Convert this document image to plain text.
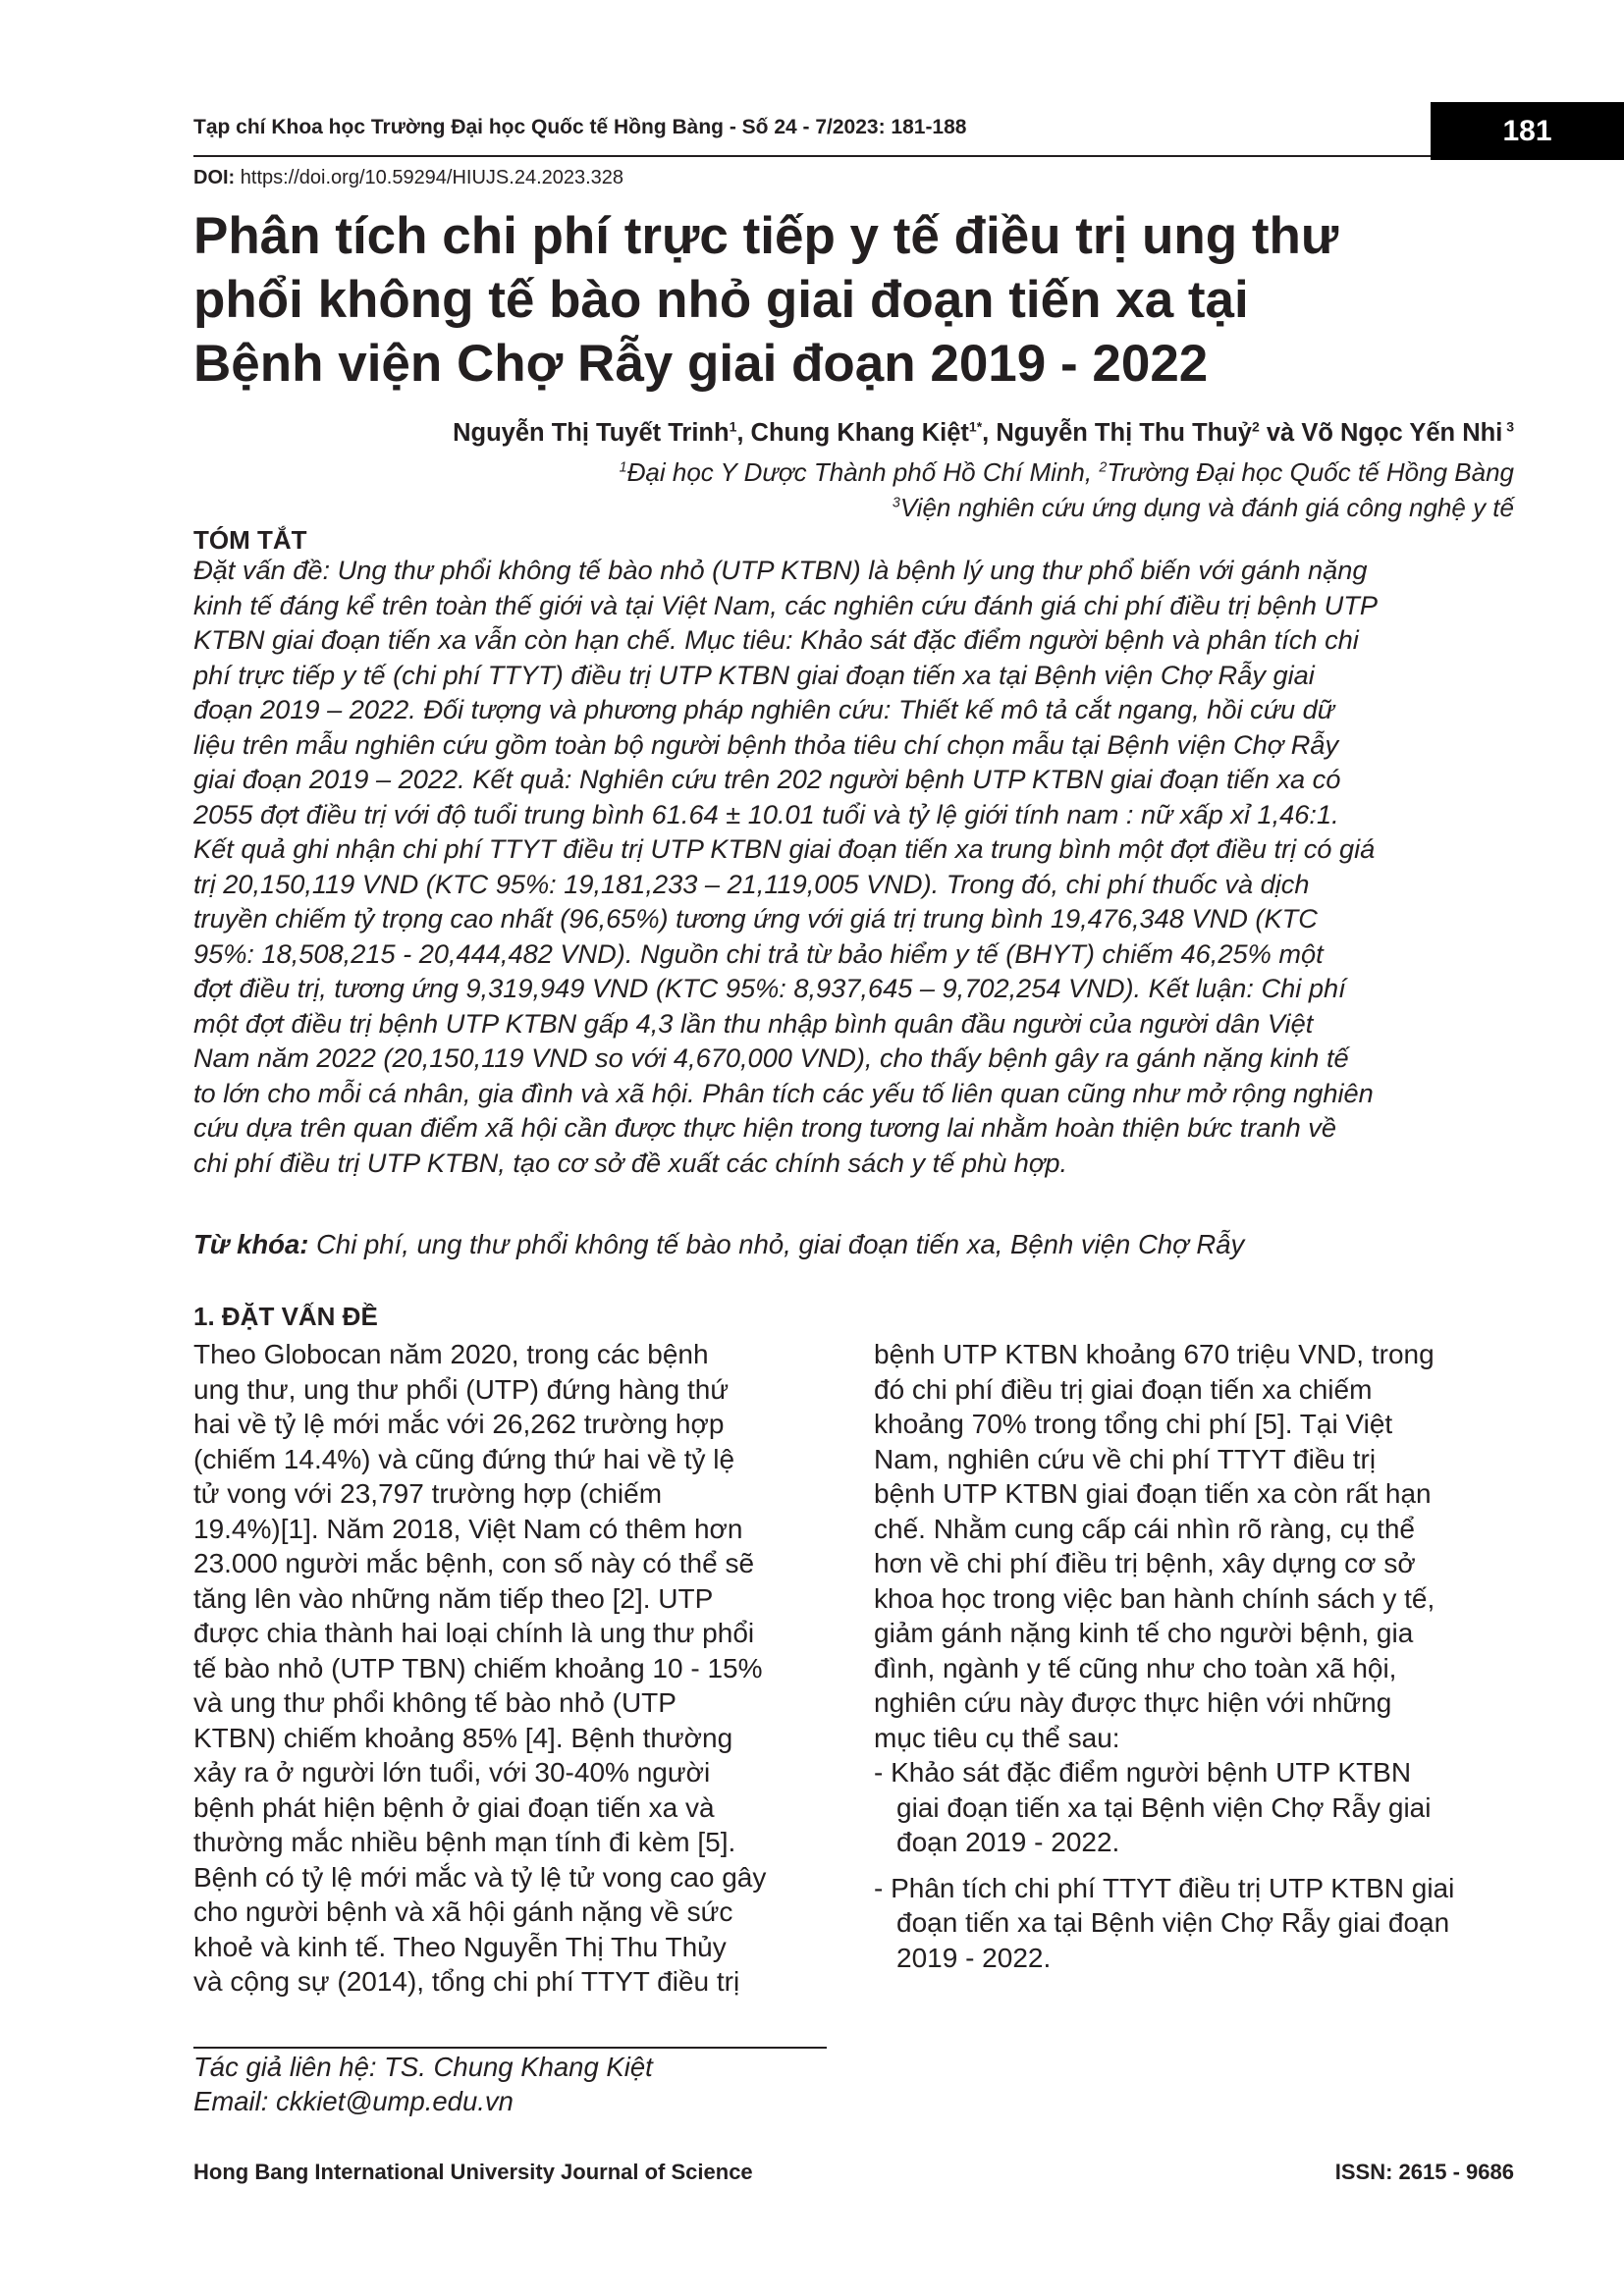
Tạp chí Khoa học Trường Đại học Quốc tế Hồng Bàng - Số 24 - 7/2023: 181-188	181
DOI: https://doi.org/10.59294/HIUJS.24.2023.328
Phân tích chi phí trực tiếp y tế điều trị ung thư
phổi không tế bào nhỏ giai đoạn tiến xa tại
Bệnh viện Chợ Rẫy giai đoạn 2019 - 2022
Nguyễn Thị Tuyết Trinh$^1$, Chung Khang Kiệt$^{1*}$, Nguyễn Thị Thu Thuỷ$^2$ và Võ Ngọc Yến Nhi $^3$
$^1$Đại học Y Dược Thành phố Hồ Chí Minh, $^2$Trường Đại học Quốc tế Hồng Bàng
$^3$Viện nghiên cứu ứng dụng và đánh giá công nghệ y tế
TÓM TẮT
Đặt vấn đề: Ung thư phổi không tế bào nhỏ (UTP KTBN) là bệnh lý ung thư phổ biến với gánh nặng
kinh tế đáng kể trên toàn thế giới và tại Việt Nam, các nghiên cứu đánh giá chi phí điều trị bệnh UTP
KTBN giai đoạn tiến xa vẫn còn hạn chế. Mục tiêu: Khảo sát đặc điểm người bệnh và phân tích chi
phí trực tiếp y tế (chi phí TTYT) điều trị UTP KTBN giai đoạn tiến xa tại Bệnh viện Chợ Rẫy giai
đoạn 2019 – 2022. Đối tượng và phương pháp nghiên cứu: Thiết kế mô tả cắt ngang, hồi cứu dữ
liệu trên mẫu nghiên cứu gồm toàn bộ người bệnh thỏa tiêu chí chọn mẫu tại Bệnh viện Chợ Rẫy
giai đoạn 2019 – 2022. Kết quả: Nghiên cứu trên 202 người bệnh UTP KTBN giai đoạn tiến xa có
2055 đợt điều trị với độ tuổi trung bình 61.64 ± 10.01 tuổi và tỷ lệ giới tính nam : nữ xấp xỉ 1,46:1.
Kết quả ghi nhận chi phí TTYT điều trị UTP KTBN giai đoạn tiến xa trung bình một đợt điều trị có giá
trị 20,150,119 VND (KTC 95%: 19,181,233 – 21,119,005 VND). Trong đó, chi phí thuốc và dịch
truyền chiếm tỷ trọng cao nhất (96,65%) tương ứng với giá trị trung bình 19,476,348 VND (KTC
95%: 18,508,215 - 20,444,482 VND). Nguồn chi trả từ bảo hiểm y tế (BHYT) chiếm 46,25% một
đợt điều trị, tương ứng 9,319,949 VND (KTC 95%: 8,937,645 – 9,702,254 VND). Kết luận: Chi phí
một đợt điều trị bệnh UTP KTBN gấp 4,3 lần thu nhập bình quân đầu người của người dân Việt
Nam năm 2022 (20,150,119 VND so với 4,670,000 VND), cho thấy bệnh gây ra gánh nặng kinh tế
to lớn cho mỗi cá nhân, gia đình và xã hội. Phân tích các yếu tố liên quan cũng như mở rộng nghiên
cứu dựa trên quan điểm xã hội cần được thực hiện trong tương lai nhằm hoàn thiện bức tranh về
chi phí điều trị UTP KTBN, tạo cơ sở đề xuất các chính sách y tế phù hợp.
Từ khóa: Chi phí, ung thư phổi không tế bào nhỏ, giai đoạn tiến xa, Bệnh viện Chợ Rẫy
1. ĐẶT VẤN ĐỀ
Theo Globocan năm 2020, trong các bệnh
ung thư, ung thư phổi (UTP) đứng hàng thứ
hai về tỷ lệ mới mắc với 26,262 trường hợp
(chiếm 14.4%) và cũng đứng thứ hai về tỷ lệ
tử vong với 23,797 trường hợp (chiếm
19.4%)[1]. Năm 2018, Việt Nam có thêm hơn
23.000 người mắc bệnh, con số này có thể sẽ
tăng lên vào những năm tiếp theo [2]. UTP
được chia thành hai loại chính là ung thư phổi
tế bào nhỏ (UTP TBN) chiếm khoảng 10 - 15%
và ung thư phổi không tế bào nhỏ (UTP
KTBN) chiếm khoảng 85% [4]. Bệnh thường
xảy ra ở người lớn tuổi, với 30-40% người
bệnh phát hiện bệnh ở giai đoạn tiến xa và
thường mắc nhiều bệnh mạn tính đi kèm [5].
Bệnh có tỷ lệ mới mắc và tỷ lệ tử vong cao gây
cho người bệnh và xã hội gánh nặng về sức
khoẻ và kinh tế. Theo Nguyễn Thị Thu Thủy
và cộng sự (2014), tổng chi phí TTYT điều trị
bệnh UTP KTBN khoảng 670 triệu VND, trong
đó chi phí điều trị giai đoạn tiến xa chiếm
khoảng 70% trong tổng chi phí [5]. Tại Việt
Nam, nghiên cứu về chi phí TTYT điều trị
bệnh UTP KTBN giai đoạn tiến xa còn rất hạn
chế. Nhằm cung cấp cái nhìn rõ ràng, cụ thể
hơn về chi phí điều trị bệnh, xây dựng cơ sở
khoa học trong việc ban hành chính sách y tế,
giảm gánh nặng kinh tế cho người bệnh, gia
đình, ngành y tế cũng như cho toàn xã hội,
nghiên cứu này được thực hiện với những
mục tiêu cụ thể sau:
- Khảo sát đặc điểm người bệnh UTP KTBN
giai đoạn tiến xa tại Bệnh viện Chợ Rẫy giai
đoạn 2019 - 2022.
- Phân tích chi phí TTYT điều trị UTP KTBN giai
đoạn tiến xa tại Bệnh viện Chợ Rẫy giai đoạn
2019 - 2022.
Tác giả liên hệ: TS. Chung Khang Kiệt
Email: ckkiet@ump.edu.vn
Hong Bang International University Journal of Science	ISSN: 2615 - 9686
